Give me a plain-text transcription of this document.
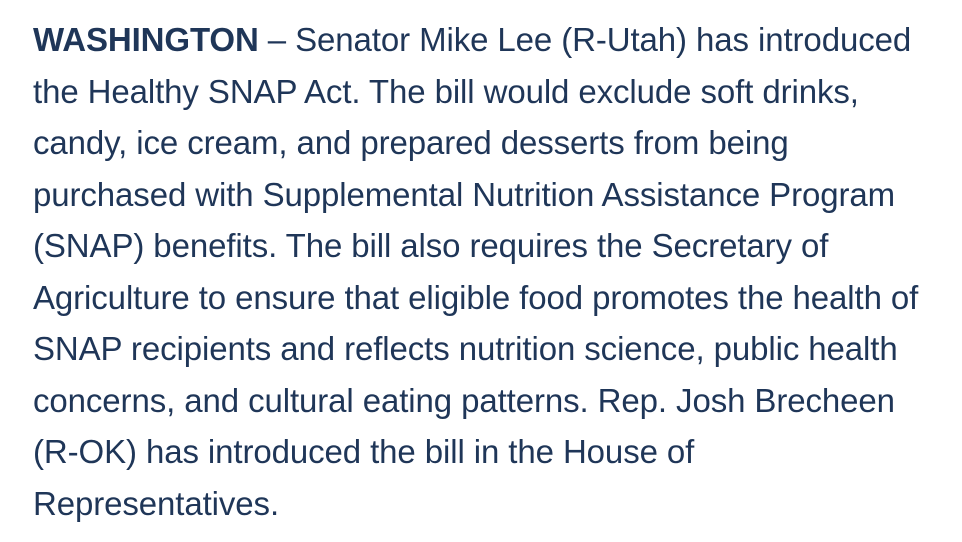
WASHINGTON – Senator Mike Lee (R-Utah) has introduced the Healthy SNAP Act. The bill would exclude soft drinks, candy, ice cream, and prepared desserts from being purchased with Supplemental Nutrition Assistance Program (SNAP) benefits. The bill also requires the Secretary of Agriculture to ensure that eligible food promotes the health of SNAP recipients and reflects nutrition science, public health concerns, and cultural eating patterns. Rep. Josh Brecheen (R-OK) has introduced the bill in the House of Representatives.
